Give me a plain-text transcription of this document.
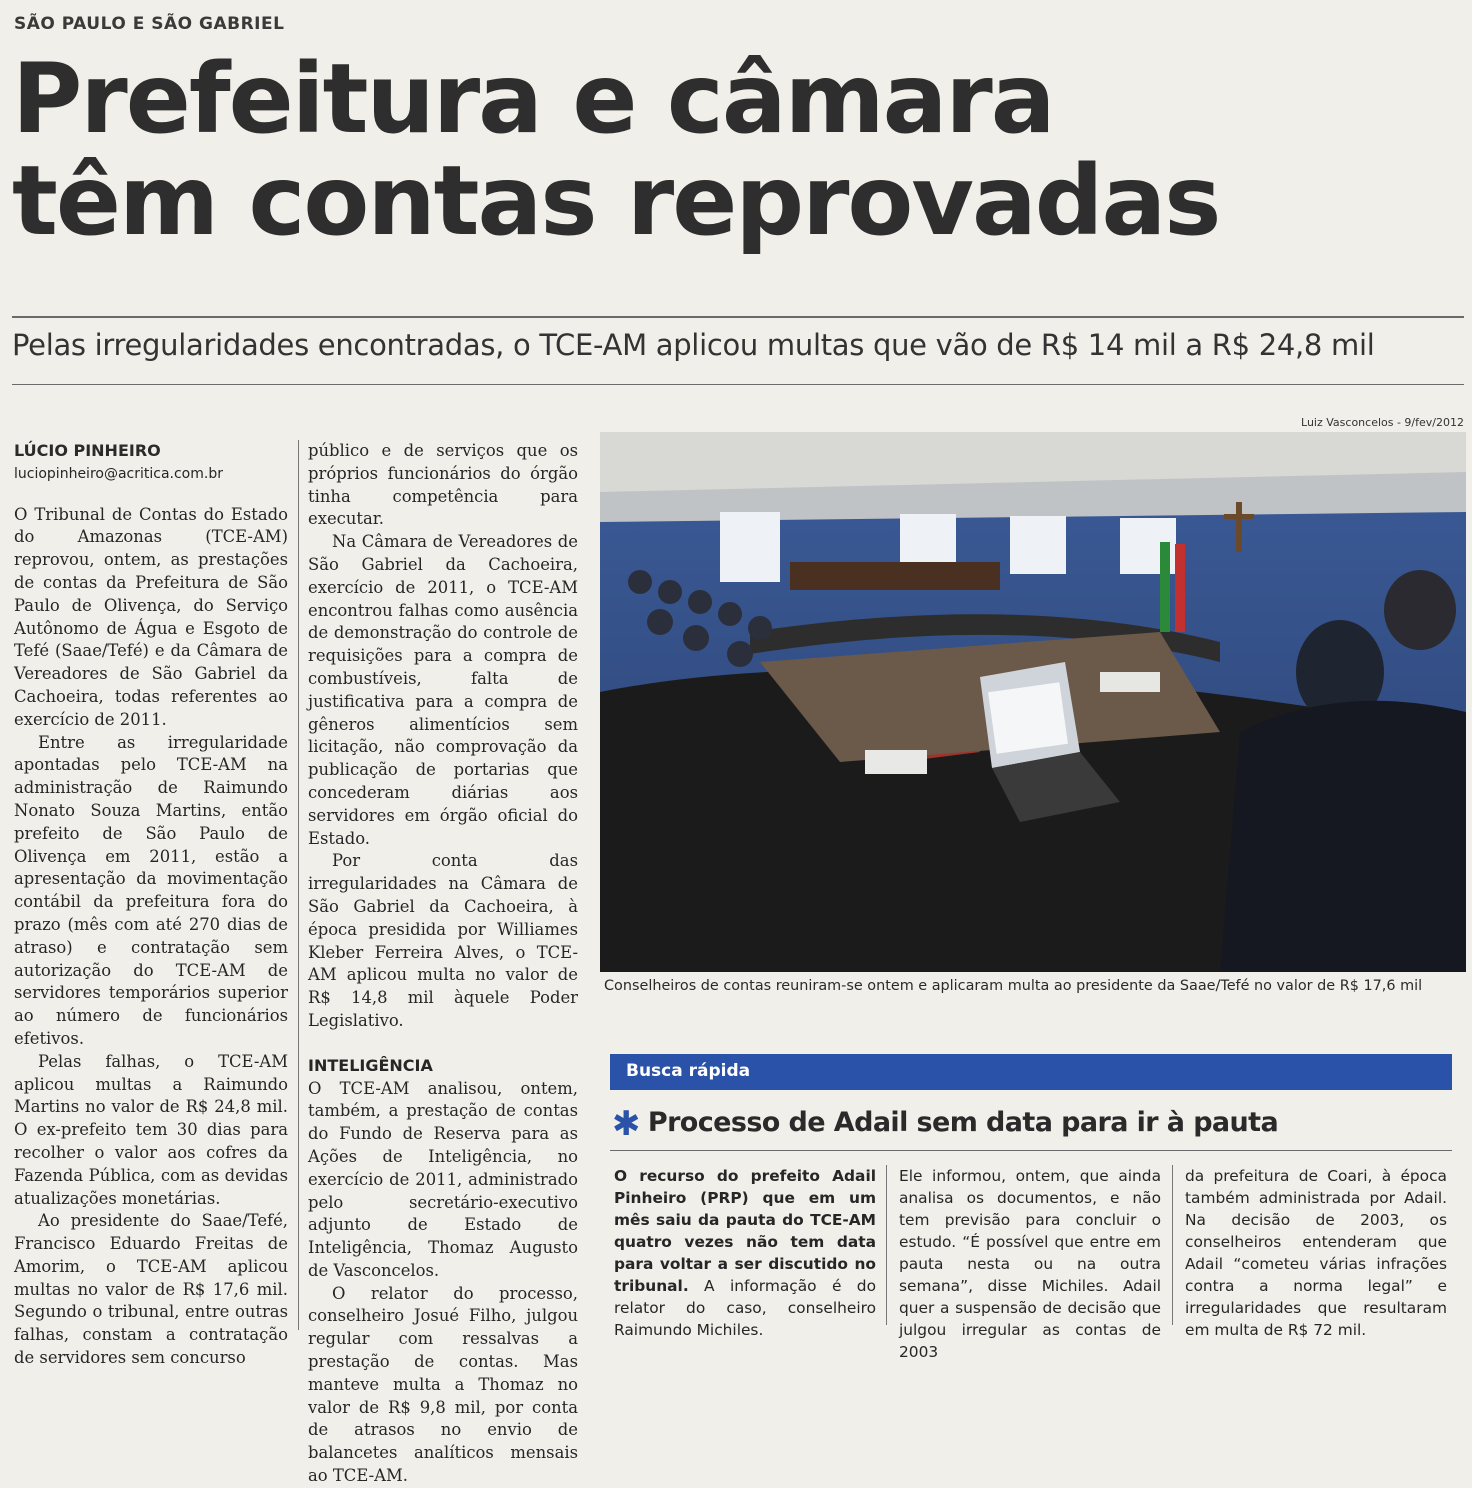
SÃO PAULO E SÃO GABRIEL
Prefeitura e câmara
têm contas reprovadas
Pelas irregularidades encontradas, o TCE-AM aplicou multas que vão de R$ 14 mil a R$ 24,8 mil
LÚCIO PINHEIRO
luciopinheiro@acritica.com.br

O Tribunal de Contas do Estado do Amazonas (TCE-AM) reprovou, ontem, as prestações de contas da Prefeitura de São Paulo de Olivença, do Serviço Autônomo de Água e Esgoto de Tefé (Saae/Tefé) e da Câmara de Vereadores de São Gabriel da Cachoeira, todas referentes ao exercício de 2011.

Entre as irregularidade apontadas pelo TCE-AM na administração de Raimundo Nonato Souza Martins, então prefeito de São Paulo de Olivença em 2011, estão a apresentação da movimentação contábil da prefeitura fora do prazo (mês com até 270 dias de atraso) e contratação sem autorização do TCE-AM de servidores temporários superior ao número de funcionários efetivos.

Pelas falhas, o TCE-AM aplicou multas a Raimundo Martins no valor de R$ 24,8 mil. O ex-prefeito tem 30 dias para recolher o valor aos cofres da Fazenda Pública, com as devidas atualizações monetárias.

Ao presidente do Saae/Tefé, Francisco Eduardo Freitas de Amorim, o TCE-AM aplicou multas no valor de R$ 17,6 mil. Segundo o tribunal, entre outras falhas, constam a contratação de servidores sem concurso

público e de serviços que os próprios funcionários do órgão tinha competência para executar.

Na Câmara de Vereadores de São Gabriel da Cachoeira, exercício de 2011, o TCE-AM encontrou falhas como ausência de demonstração do controle de requisições para a compra de combustíveis, falta de justificativa para a compra de gêneros alimentícios sem licitação, não comprovação da publicação de portarias que concederam diárias aos servidores em órgão oficial do Estado.

Por conta das irregularidades na Câmara de São Gabriel da Cachoeira, à época presidida por Williames Kleber Ferreira Alves, o TCE-AM aplicou multa no valor de R$ 14,8 mil àquele Poder Legislativo.

INTELIGÊNCIA

O TCE-AM analisou, ontem, também, a prestação de contas do Fundo de Reserva para as Ações de Inteligência, no exercício de 2011, administrado pelo secretário-executivo adjunto de Estado de Inteligência, Thomaz Augusto de Vasconcelos.

O relator do processo, conselheiro Josué Filho, julgou regular com ressalvas a prestação de contas. Mas manteve multa a Thomaz no valor de R$ 9,8 mil, por conta de atrasos no envio de balancetes analíticos mensais ao TCE-AM.

Luiz Vasconcelos - 9/fev/2012
Conselheiros de contas reuniram-se ontem e aplicaram multa ao presidente da Saae/Tefé no valor de R$ 17,6 mil
Busca rápida
✱ Processo de Adail sem data para ir à pauta
O recurso do prefeito Adail Pinheiro (PRP) que em um mês saiu da pauta do TCE-AM quatro vezes não tem data para voltar a ser discutido no tribunal. A informação é do relator do caso, conselheiro Raimundo Michiles.
Ele informou, ontem, que ainda analisa os documentos, e não tem previsão para concluir o estudo. “É possível que entre em pauta nesta ou na outra semana”, disse Michiles. Adail quer a suspensão de decisão que julgou irregular as contas de 2003
da prefeitura de Coari, à época também administrada por Adail. Na decisão de 2003, os conselheiros entenderam que Adail “cometeu várias infrações contra a norma legal” e irregularidades que resultaram em multa de R$ 72 mil.
